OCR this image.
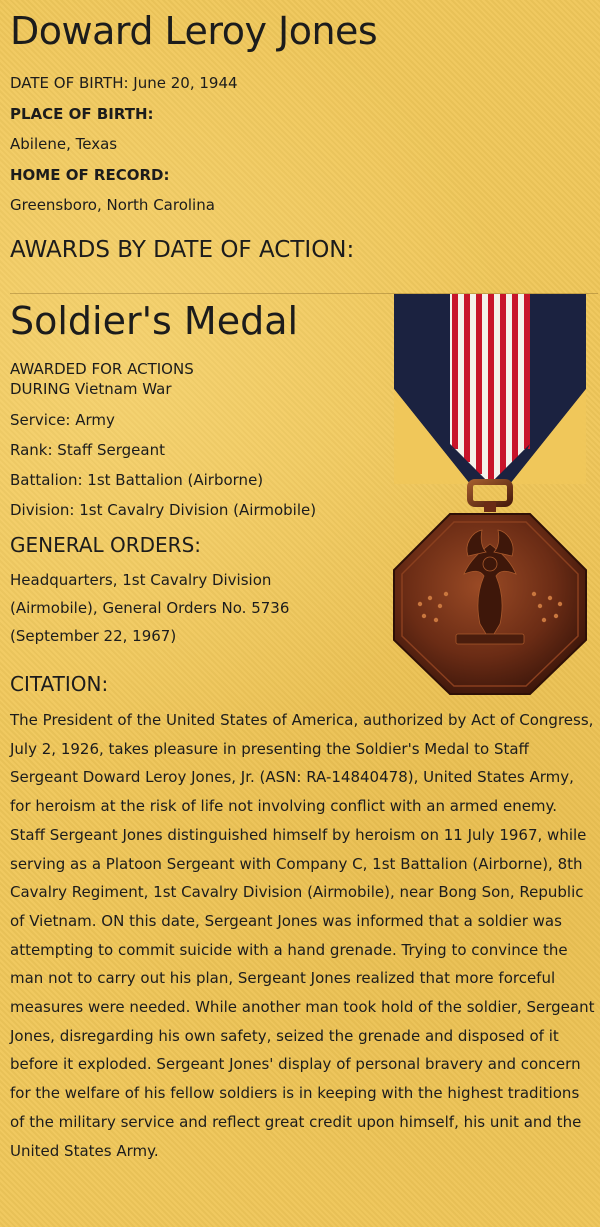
Doward Leroy Jones

DATE OF BIRTH: June 20, 1944

PLACE OF BIRTH:

Abilene, Texas

HOME OF RECORD:

Greensboro, North Carolina

AWARDS BY DATE OF ACTION:
Soldier's Medal

AWARDED FOR ACTIONS

DURING Vietnam War

Service: Army

Rank: Staff Sergeant

Battalion: 1st Battalion (Airborne)

Division: 1st Cavalry Division (Airmobile)

GENERAL ORDERS:

Headquarters, 1st Cavalry Division

(Airmobile), General Orders No. 5736

(September 22, 1967)

CITATION:

The President of the United States of America, authorized by Act of Congress, July 2, 1926, takes pleasure in presenting the Soldier's Medal to Staff Sergeant Doward Leroy Jones, Jr. (ASN: RA-14840478), United States Army, for heroism at the risk of life not involving conflict with an armed enemy. Staff Sergeant Jones distinguished himself by heroism on 11 July 1967, while serving as a Platoon Sergeant with Company C, 1st Battalion (Airborne), 8th Cavalry Regiment, 1st Cavalry Division (Airmobile), near Bong Son, Republic of Vietnam. ON this date, Sergeant Jones was informed that a soldier was attempting to commit suicide with a hand grenade. Trying to convince the man not to carry out his plan, Sergeant Jones realized that more forceful measures were needed. While another man took hold of the soldier, Sergeant Jones, disregarding his own safety, seized the grenade and disposed of it before it exploded. Sergeant Jones' display of personal bravery and concern for the welfare of his fellow soldiers is in keeping with the highest traditions of the military service and reflect great credit upon himself, his unit and the United States Army.
